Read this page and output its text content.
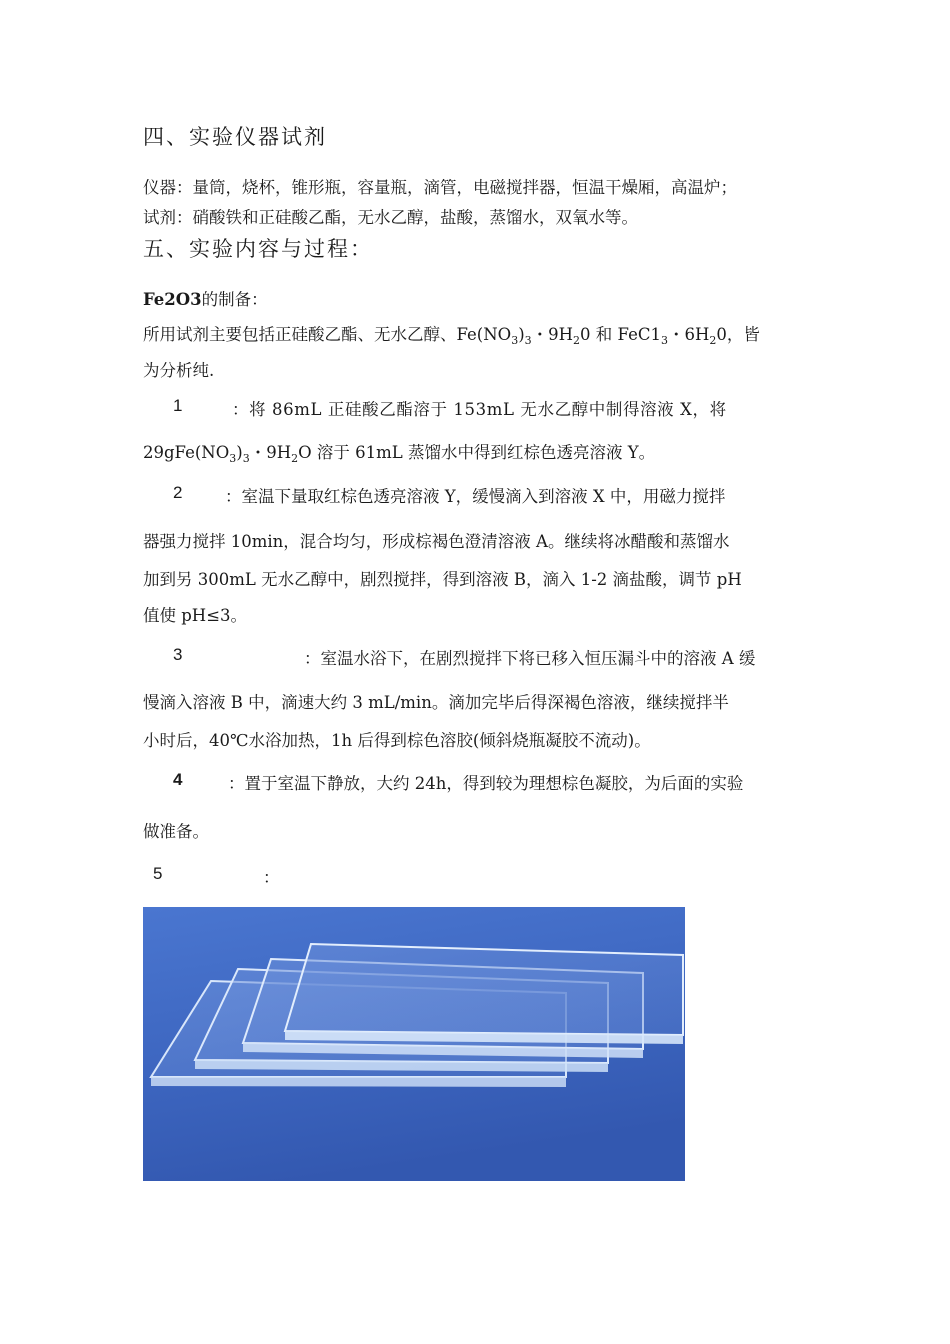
四、实验仪器试剂
仪器：量筒，烧杯，锥形瓶，容量瓶，滴管，电磁搅拌器，恒温干燥厢，高温炉；
试剂：硝酸铁和正硅酸乙酯，无水乙醇，盐酸，蒸馏水，双氧水等。
五、实验内容与过程：
Fe2O3的制备：
所用试剂主要包括正硅酸乙酯、无水乙醇、$Fe(NO_3)_3$・$9H_20$ 和 $FeC1_3$・$6H_20$，皆
为分析纯.
1	：将 86mL 正硅酸乙酯溶于 153mL 无水乙醇中制得溶液 X，将
$29gFe(NO_3)_3$・$9H_2O$ 溶于 61mL 蒸馏水中得到红棕色透亮溶液 Y。
2	：室温下量取红棕色透亮溶液 Y，缓慢滴入到溶液 X 中，用磁力搅拌
器强力搅拌 10min，混合均匀，形成棕褐色澄清溶液 A。继续将冰醋酸和蒸馏水
加到另 300mL 无水乙醇中，剧烈搅拌，得到溶液 B，滴入 1-2 滴盐酸，调节 pH
值使 pH≤3。
3	：室温水浴下，在剧烈搅拌下将已移入恒压漏斗中的溶液 A 缓
慢滴入溶液 B 中，滴速大约 3 mL/min。滴加完毕后得深褐色溶液，继续搅拌半
小时后，40℃水浴加热，1h 后得到棕色溶胶(倾斜烧瓶凝胶不流动)。
4	：置于室温下静放，大约 24h，得到较为理想棕色凝胶，为后面的实验
做准备。
5	：
